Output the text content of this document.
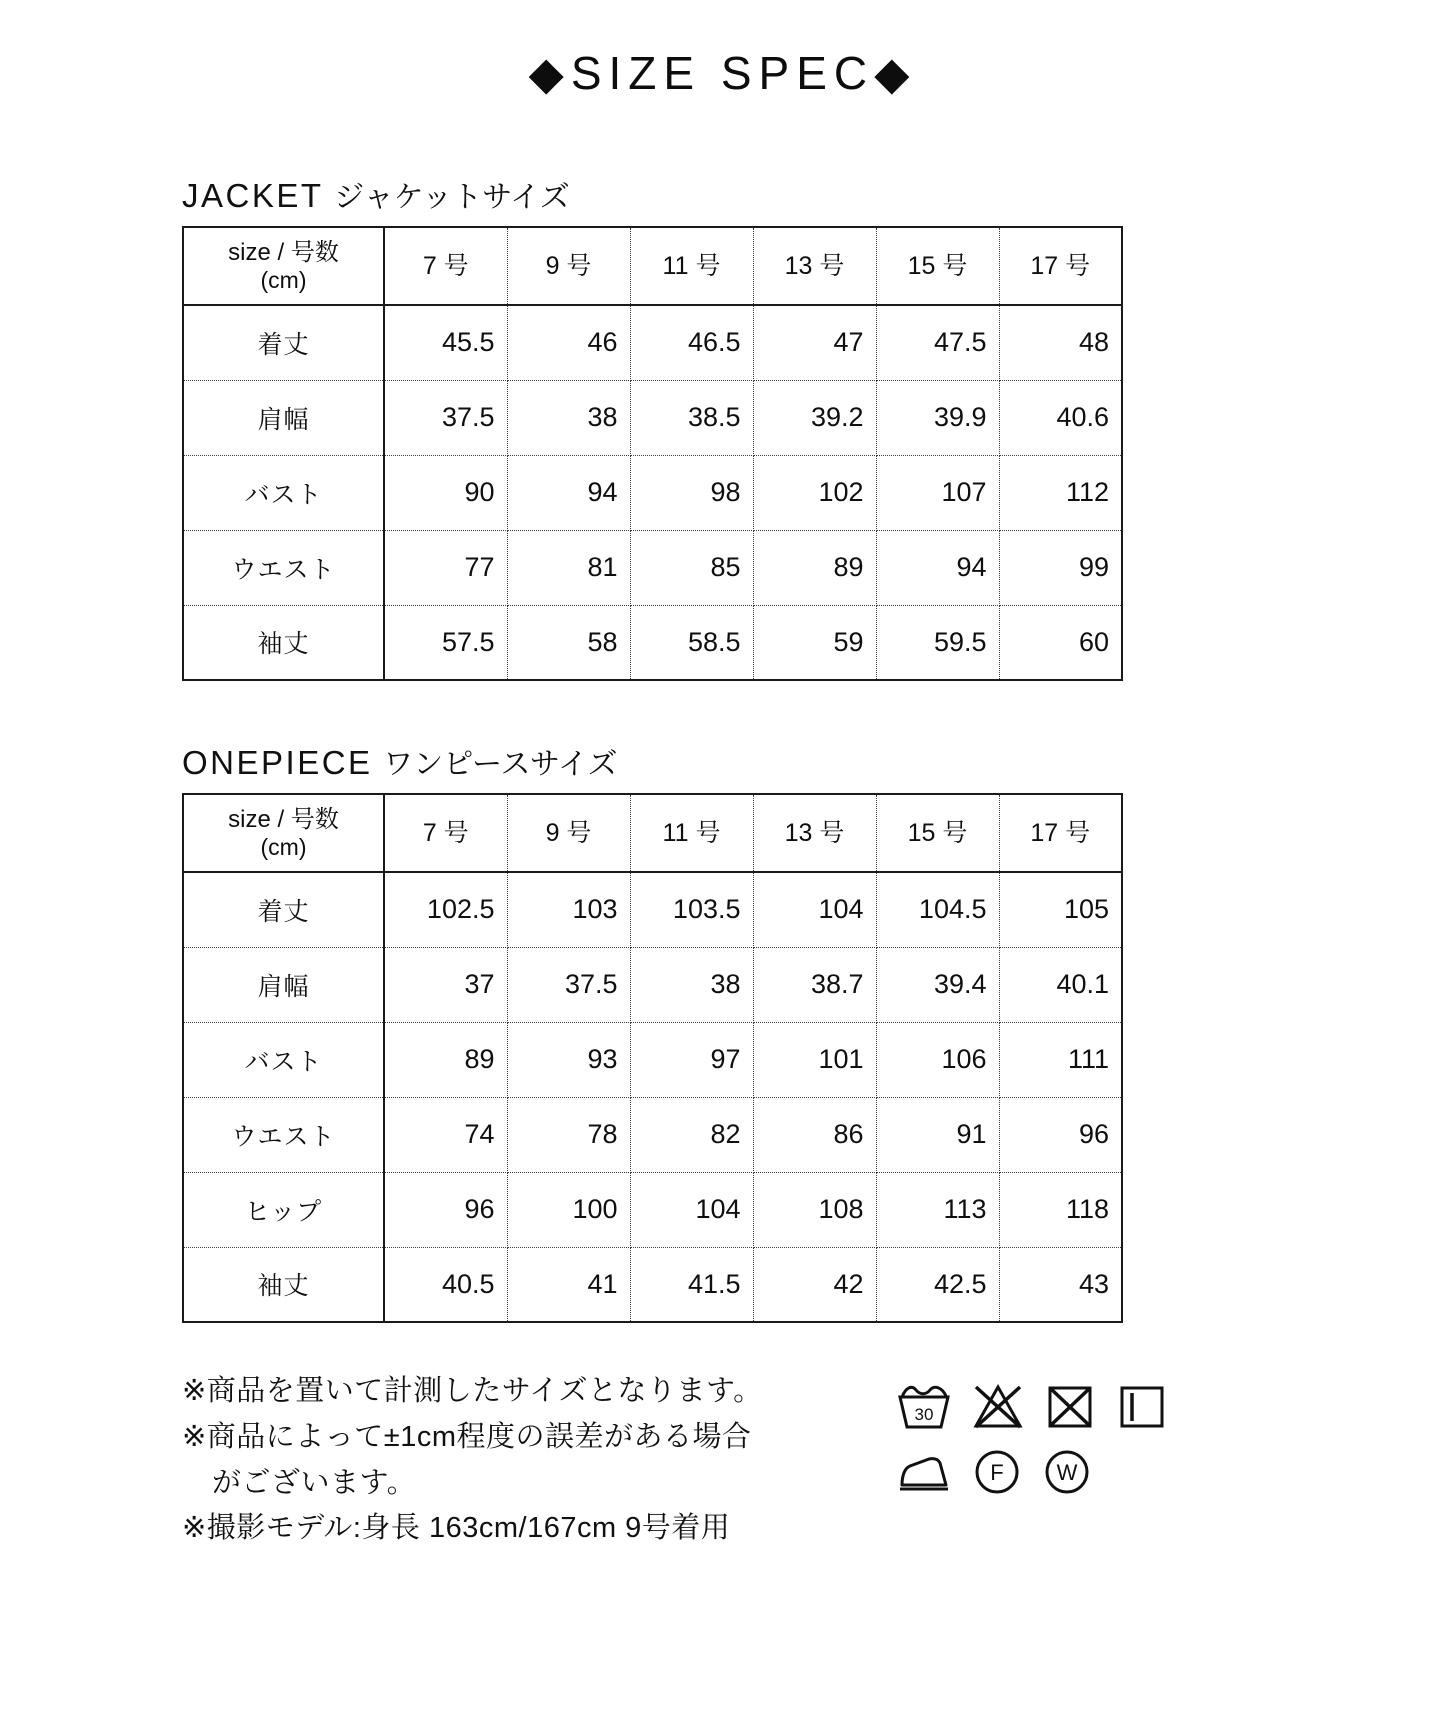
◆SIZE SPEC◆
JACKET ジャケットサイズ
size / 号数
(cm)	7 号	9 号	11 号	13 号	15 号	17 号
着丈	45.5	46	46.5	47	47.5	48
肩幅	37.5	38	38.5	39.2	39.9	40.6
バスト	90	94	98	102	107	112
ウエスト	77	81	85	89	94	99
袖丈	57.5	58	58.5	59	59.5	60
ONEPIECE ワンピースサイズ
size / 号数
(cm)	7 号	9 号	11 号	13 号	15 号	17 号
着丈	102.5	103	103.5	104	104.5	105
肩幅	37	37.5	38	38.7	39.4	40.1
バスト	89	93	97	101	106	111
ウエスト	74	78	82	86	91	96
ヒップ	96	100	104	108	113	118
袖丈	40.5	41	41.5	42	42.5	43

※商品を置いて計測したサイズとなります。

※商品によって±1cm程度の誤差がある場合

がございます。

※撮影モデル:身長 163cm/167cm 9号着用

30
F W
